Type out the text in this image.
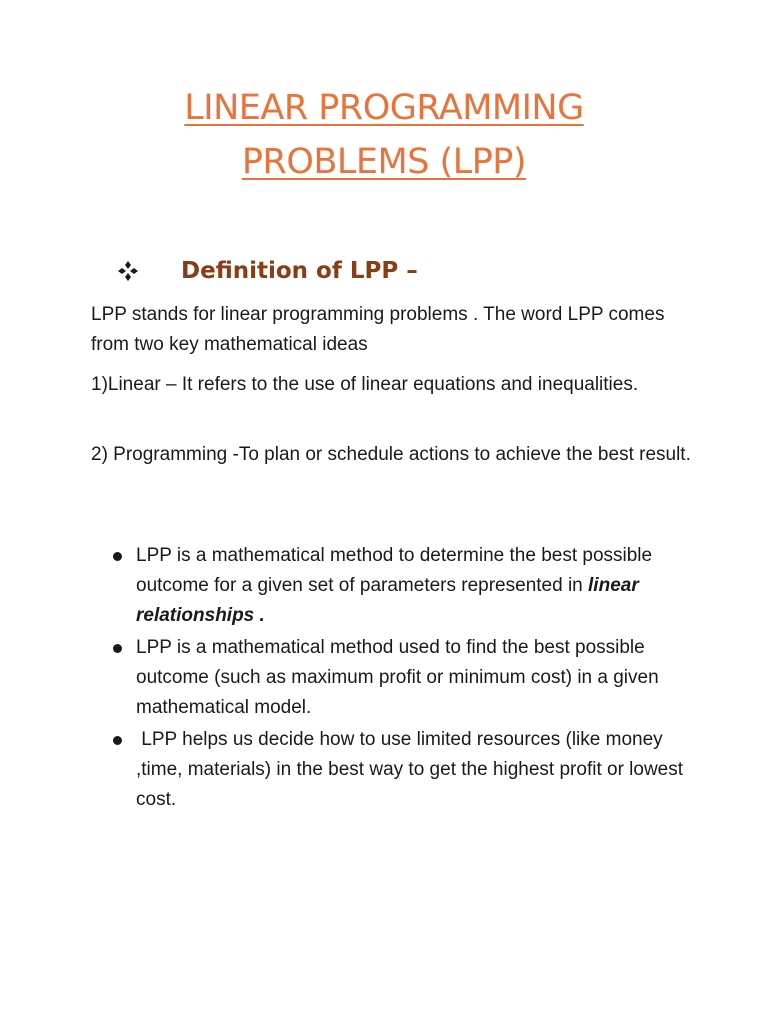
LINEAR PROGRAMMING
PROBLEMS (LPP)
Definition of LPP –

LPP stands for linear programming problems . The word LPP comes from two key mathematical ideas

1)Linear – It refers to the use of linear equations and inequalities.

2) Programming -To plan or schedule actions to achieve the best result.

LPP is a mathematical method to determine the best possible outcome for a given set of parameters represented in linear relationships .
LPP is a mathematical method used to find the best possible outcome (such as maximum profit or minimum cost) in a given mathematical model.
LPP helps us decide how to use limited resources (like money ,time, materials) in the best way to get the highest profit or lowest cost.
